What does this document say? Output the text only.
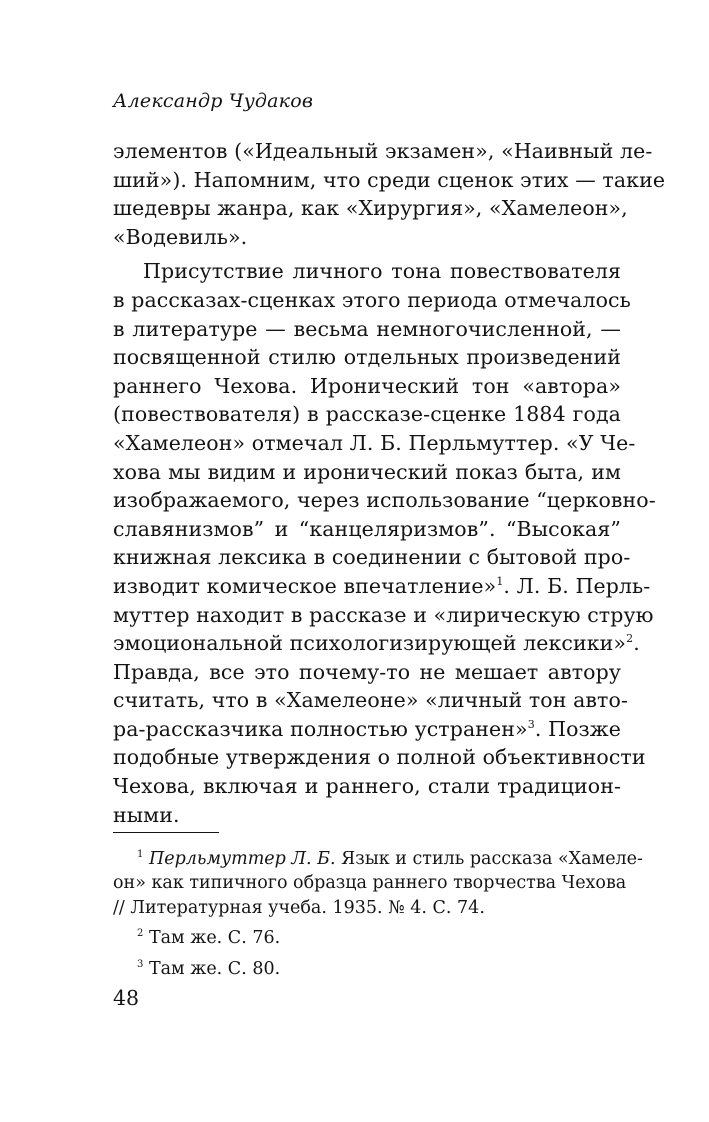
Александр Чудаков
элементов («Идеальный экзамен», «Наивный ле-
ший»). Напомним, что среди сценок этих — такие
шедевры жанра, как «Хирургия», «Хамелеон»,
«Водевиль».
Присутствие личного тона повествователя
в рассказах-сценках этого периода отмечалось
в литературе — весьма немногочисленной, —
посвященной стилю отдельных произведений
раннего Чехова. Иронический тон «автора»
(повествователя) в рассказе-сценке 1884 года
«Хамелеон» отмечал Л. Б. Перльмуттер. «У Че-
хова мы видим и иронический показ быта, им
изображаемого, через использование “церковно-
славянизмов” и “канцеляризмов”. “Высокая”
книжная лексика в соединении с бытовой про-
изводит комическое впечатление»$^1$. Л. Б. Перль-
муттер находит в рассказе и «лирическую струю
эмоциональной психологизирующей лексики»$^2$.
Правда, все это почему-то не мешает автору
считать, что в «Хамелеоне» «личный тон авто-
ра-рассказчика полностью устранен»$^3$. Позже
подобные утверждения о полной объективности
Чехова, включая и раннего, стали традицион-
ными.
$^1$ Перльмуттер Л. Б. Язык и стиль рассказа «Хамеле-
он» как типичного образца раннего творчества Чехова
// Литературная учеба. 1935. № 4. С. 74.
$^2$ Там же. С. 76.
$^3$ Там же. С. 80.
48
